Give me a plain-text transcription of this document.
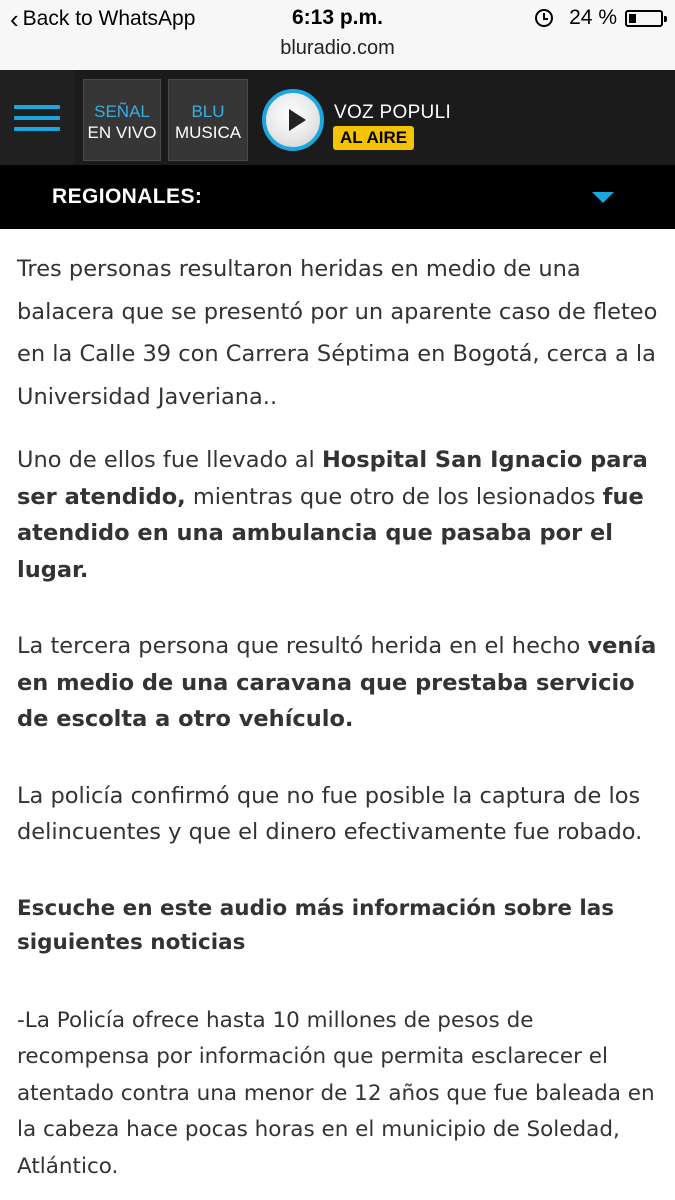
‹ Back to WhatsApp	6:13 p.m.
bluradio.com
24 %
SEÑAL
EN VIVO
BLU
MUSICA
VOZ POPULI
AL AIRE
REGIONALES:

Tres personas resultaron heridas en medio de una balacera que se presentó por un aparente caso de fleteo en la Calle 39 con Carrera Séptima en Bogotá, cerca a la Universidad Javeriana..

Uno de ellos fue llevado al Hospital San Ignacio para ser atendido, mientras que otro de los lesionados fue atendido en una ambulancia que pasaba por el lugar.

La tercera persona que resultó herida en el hecho venía en medio de una caravana que prestaba servicio de escolta a otro vehículo.

La policía confirmó que no fue posible la captura de los delincuentes y que el dinero efectivamente fue robado.

Escuche en este audio más información sobre las siguientes noticias

-La Policía ofrece hasta 10 millones de pesos de recompensa por información que permita esclarecer el atentado contra una menor de 12 años que fue baleada en la cabeza hace pocas horas en el municipio de Soledad, Atlántico.
